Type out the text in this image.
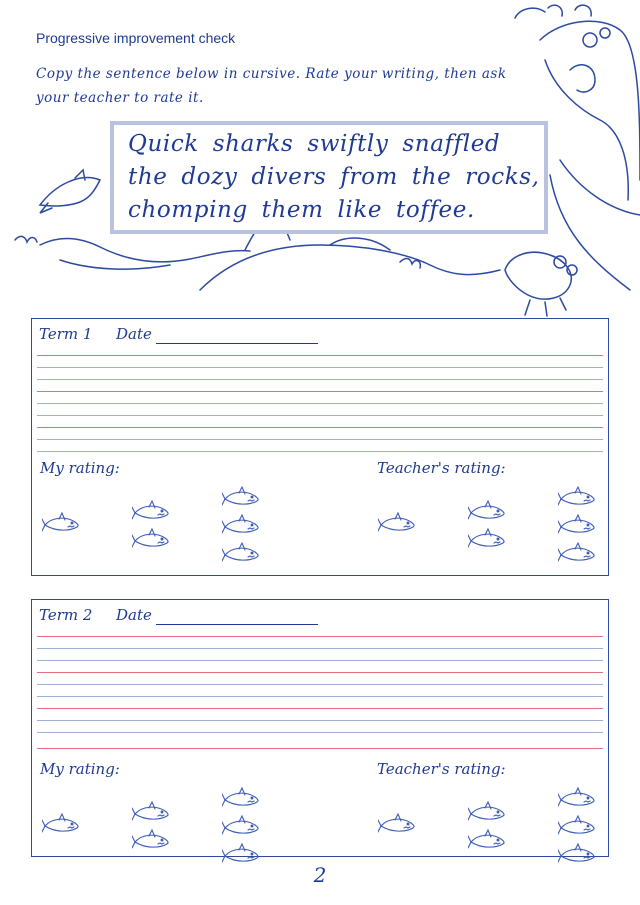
Progressive improvement check
Copy the sentence below in cursive. Rate your writing, then ask your teacher to rate it.
Quick sharks swiftly snaffled
the dozy divers from the rocks,
chomping them like toffee.
Term 1 Date
My rating:	Teacher's rating:
Term 2 Date
My rating:	Teacher's rating:
2
